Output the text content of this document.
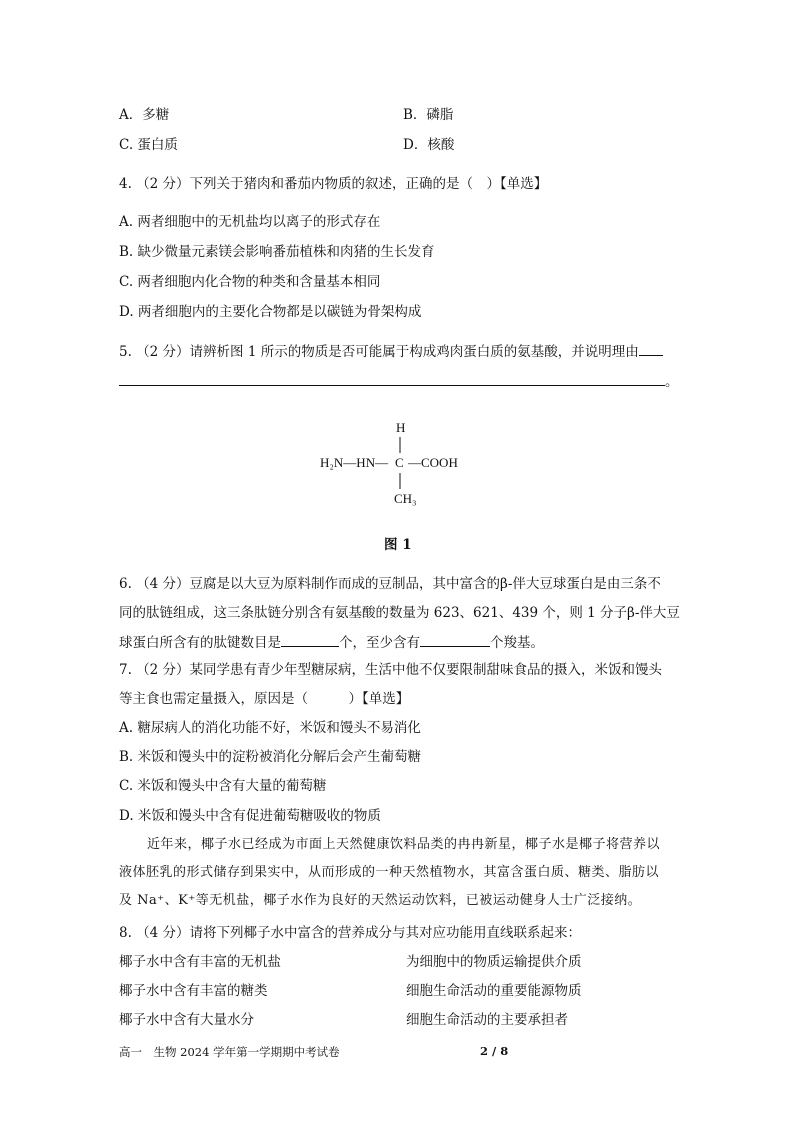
A．多糖	B．磷脂
C. 蛋白质	D．核酸
4. （2 分）下列关于猪肉和番茄内物质的叙述，正确的是（　）【单选】
A. 两者细胞中的无机盐均以离子的形式存在
B. 缺少微量元素镁会影响番茄植株和肉猪的生长发育
C. 两者细胞内化合物的种类和含量基本相同
D. 两者细胞内的主要化合物都是以碳链为骨架构成
5. （2 分）请辨析图 1 所示的物质是否可能属于构成鸡肉蛋白质的氨基酸，并说明理由
。
H
H₂N—HN— C —COOH
CH₃
图 1
6. （4 分）豆腐是以大豆为原料制作而成的豆制品，其中富含的β-伴大豆球蛋白是由三条不
同的肽链组成，这三条肽链分别含有氨基酸的数量为 623、621、439 个，则 1 分子β-伴大豆
球蛋白所含有的肽键数目是	个，至少含有	个羧基。
7. （2 分）某同学患有青少年型糖尿病，生活中他不仅要限制甜味食品的摄入，米饭和馒头
等主食也需定量摄入，原因是（　　　）【单选】
A. 糖尿病人的消化功能不好，米饭和馒头不易消化
B. 米饭和馒头中的淀粉被消化分解后会产生葡萄糖
C. 米饭和馒头中含有大量的葡萄糖
D. 米饭和馒头中含有促进葡萄糖吸收的物质
近年来，椰子水已经成为市面上天然健康饮料品类的冉冉新星，椰子水是椰子将营养以
液体胚乳的形式储存到果实中，从而形成的一种天然植物水，其富含蛋白质、糖类、脂肪以
及 Na⁺、K⁺等无机盐，椰子水作为良好的天然运动饮料，已被运动健身人士广泛接纳。
8. （4 分）请将下列椰子水中富含的营养成分与其对应功能用直线联系起来：
椰子水中含有丰富的无机盐	为细胞中的物质运输提供介质
椰子水中含有丰富的糖类	细胞生命活动的重要能源物质
椰子水中含有大量水分	细胞生命活动的主要承担者
高一　生物 2024 学年第一学期期中考试卷	2 / 8
